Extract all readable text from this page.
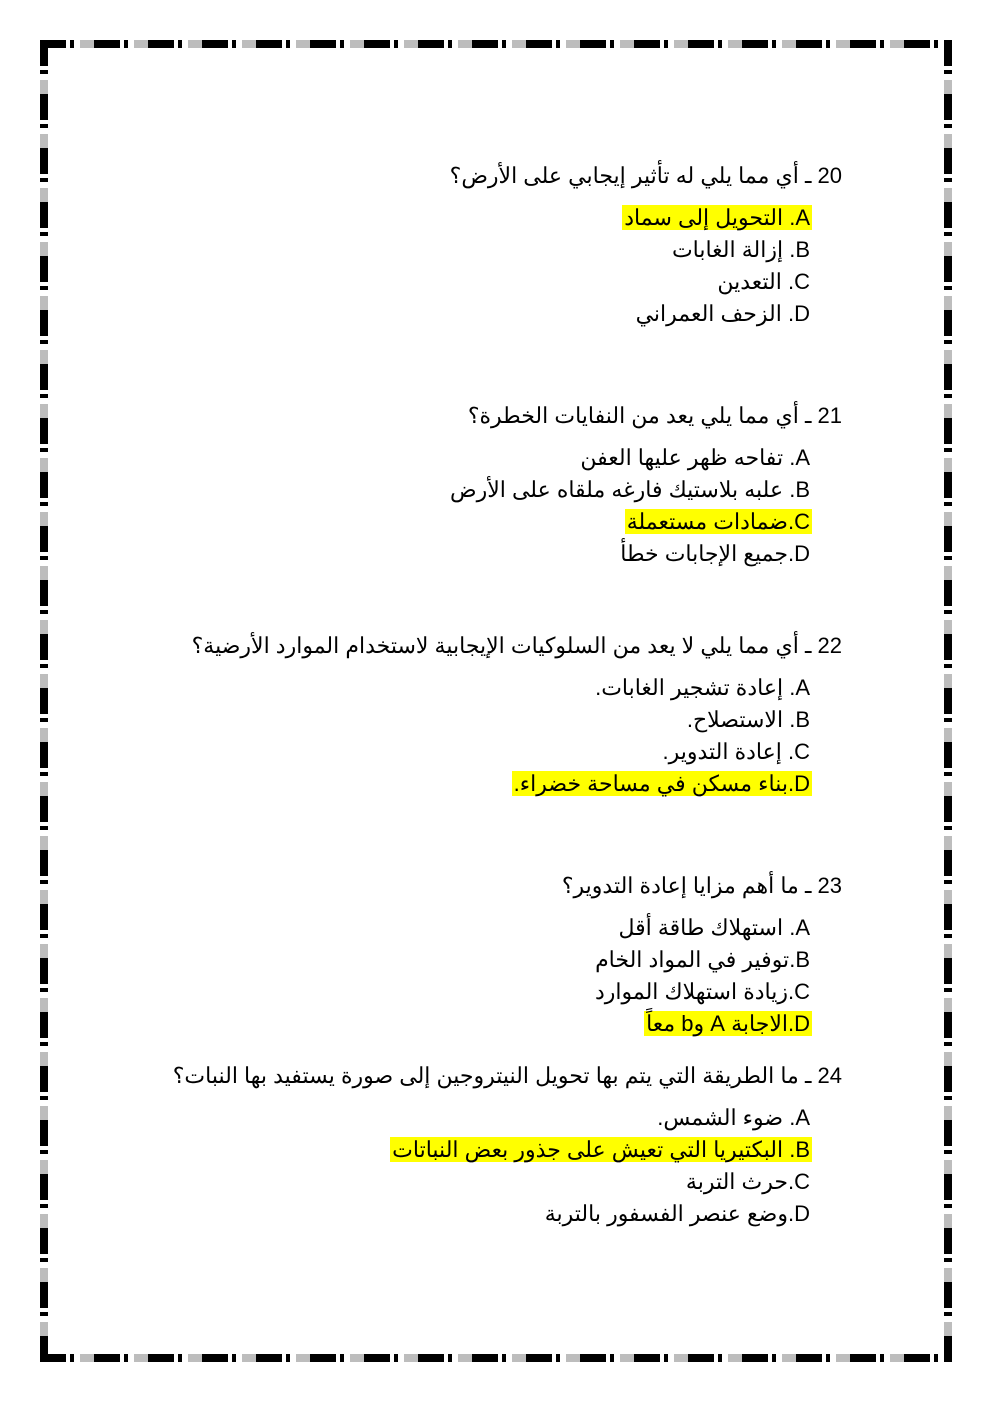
20 ـ أي مما يلي له تأثير إيجابي على الأرض؟
A. التحويل إلى سماد
B. إزالة الغابات
C. التعدين
D. الزحف العمراني
21 ـ أي مما يلي يعد من النفايات الخطرة؟
A. تفاحه ظهر عليها العفن
B. علبه بلاستيك فارغه ملقاه على الأرض
C.ضمادات مستعملة
D.جميع الإجابات خطأ
22 ـ أي مما يلي لا يعد من السلوكيات الإيجابية لاستخدام الموارد الأرضية؟
A. إعادة تشجير الغابات.
B. الاستصلاح.
C. إعادة التدوير.
D.بناء مسكن في مساحة خضراء.
23 ـ ما أهم مزايا إعادة التدوير؟
A. استهلاك طاقة أقل
B.توفير في المواد الخام
C.زيادة استهلاك الموارد
D.الاجابة A وb معاً
24 ـ ما الطريقة التي يتم بها تحويل النيتروجين إلى صورة يستفيد بها النبات؟
A. ضوء الشمس.
B. البكتيريا التي تعيش على جذور بعض النباتات
C.حرث التربة
D.وضع عنصر الفسفور بالتربة
